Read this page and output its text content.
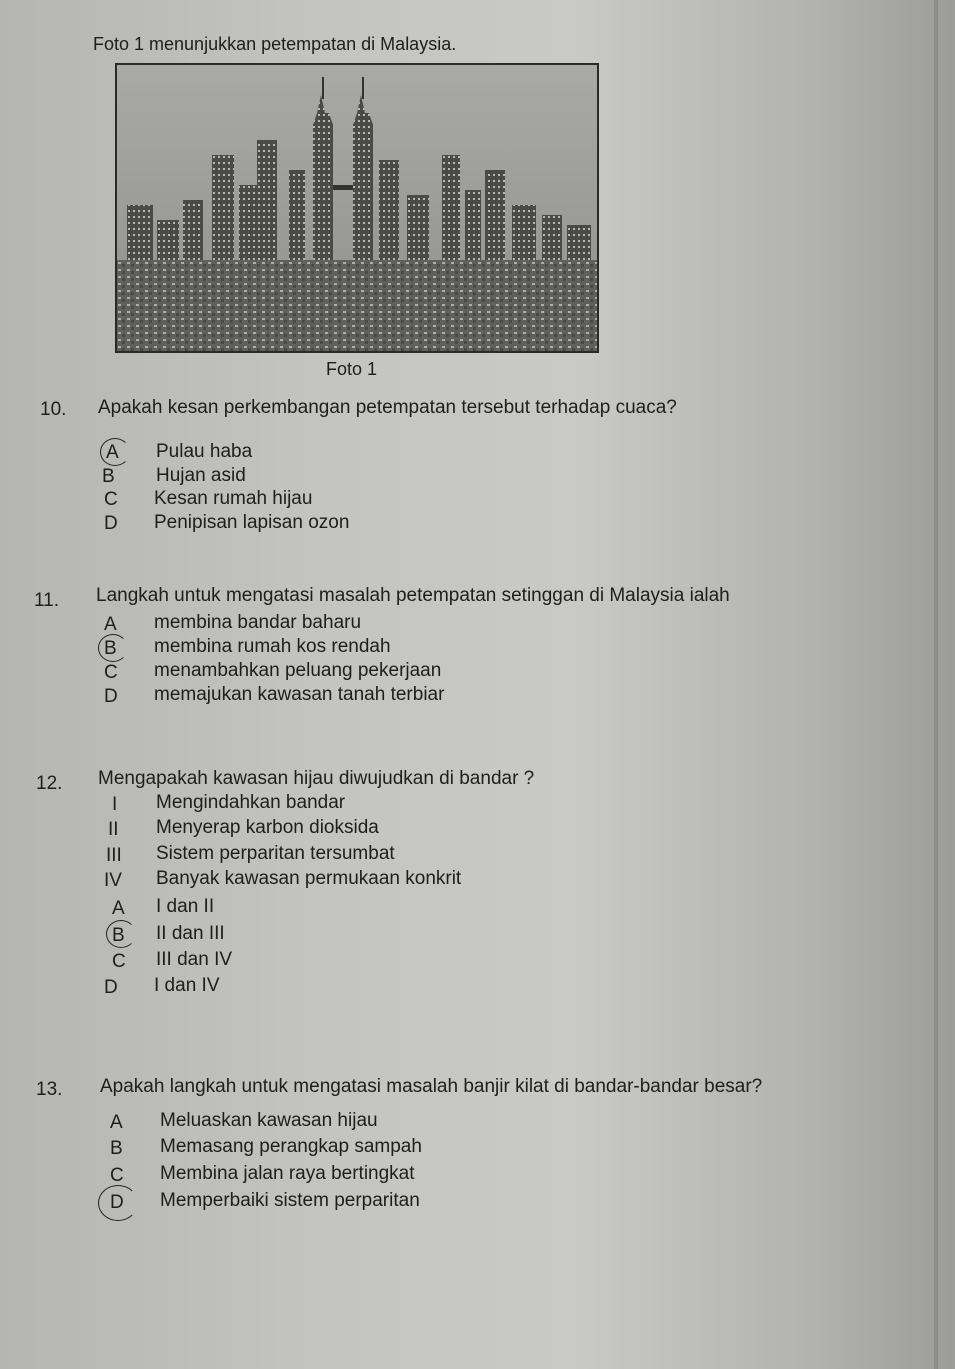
Foto 1 menunjukkan petempatan di Malaysia.
Foto 1
10. Apakah kesan perkembangan petempatan tersebut terhadap cuaca?
A Pulau haba
B Hujan asid
C Kesan rumah hijau
D Penipisan lapisan ozon
11. Langkah untuk mengatasi masalah petempatan setinggan di Malaysia ialah
A membina bandar baharu
B membina rumah kos rendah
C menambahkan peluang pekerjaan
D memajukan kawasan tanah terbiar
12. Mengapakah kawasan hijau diwujudkan di bandar ?
I Mengindahkan bandar
II Menyerap karbon dioksida
III Sistem perparitan tersumbat
IV Banyak kawasan permukaan konkrit
A I dan II
B II dan III
C III dan IV
D I dan IV
13. Apakah langkah untuk mengatasi masalah banjir kilat di bandar-bandar besar?
A Meluaskan kawasan hijau
B Memasang perangkap sampah
C Membina jalan raya bertingkat
D Memperbaiki sistem perparitan
